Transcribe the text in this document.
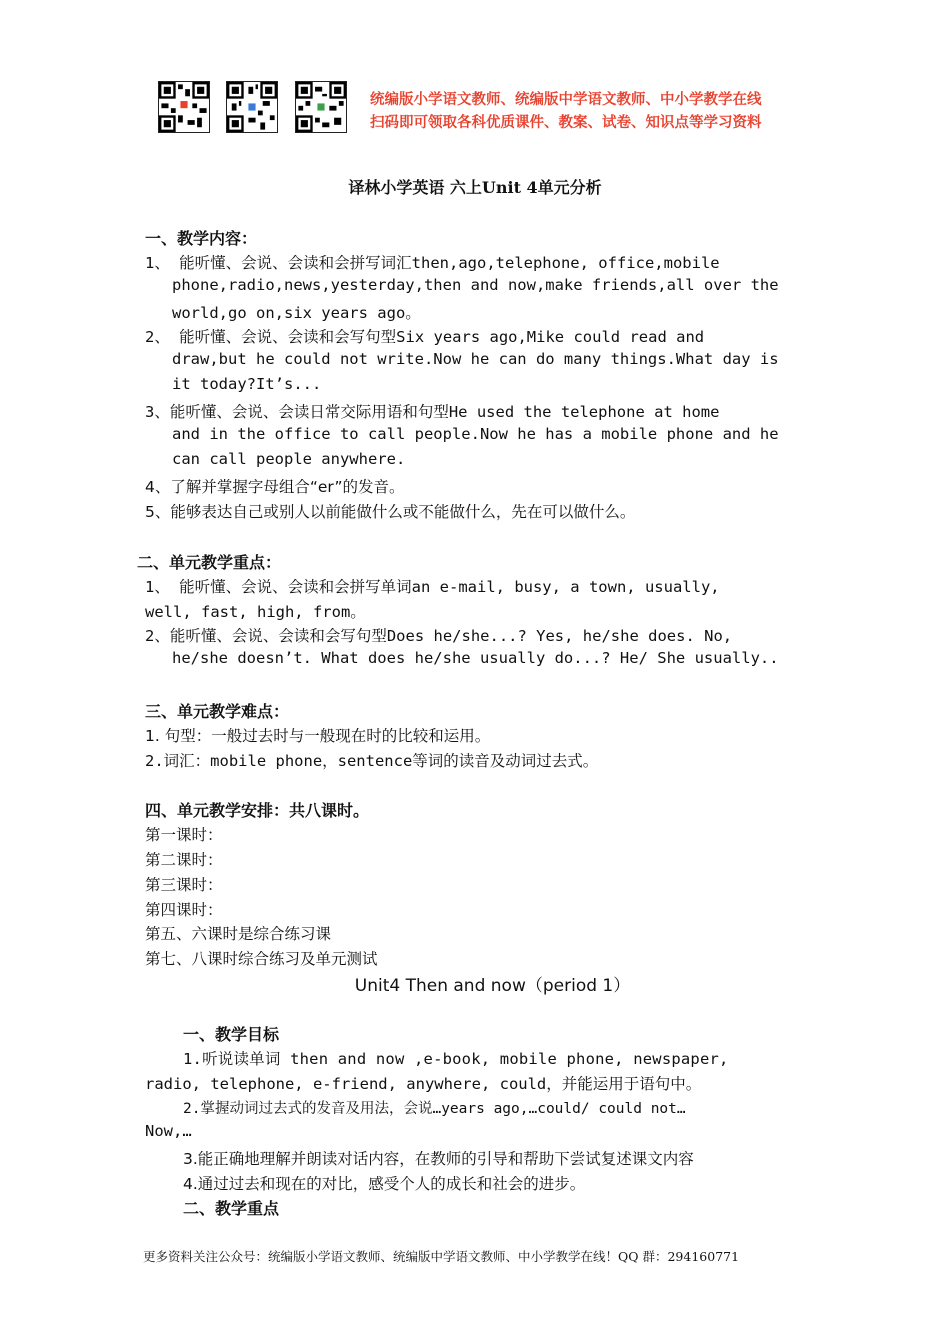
统编版小学语文教师、统编版中学语文教师、中小学教学在线
扫码即可领取各科优质课件、教案、试卷、知识点等学习资料
译林小学英语 六上Unit 4单元分析
一、教学内容：
1、 能听懂、会说、会读和会拼写词汇then,ago,telephone, office,mobile
phone,radio,news,yesterday,then and now,make friends,all over the
world,go on,six years ago。
2、 能听懂、会说、会读和会写句型Six years ago,Mike could read and
draw,but he could not write.Now he can do many things.What day is
it today?It’s...
3、能听懂、会说、会读日常交际用语和句型He used the telephone at home
and in the office to call people.Now he has a mobile phone and he
can call people anywhere.
4、了解并掌握字母组合“er”的发音。
5、能够表达自己或别人以前能做什么或不能做什么，先在可以做什么。
二、单元教学重点：
1、 能听懂、会说、会读和会拼写单词an e-mail, busy, a town, usually,
well, fast, high, from。
2、能听懂、会说、会读和会写句型Does he/she...? Yes, he/she does. No,
he/she doesn’t. What does he/she usually do...? He/ She usually..
三、单元教学难点：
1. 句型：一般过去时与一般现在时的比较和运用。
2.词汇：mobile phone，sentence等词的读音及动词过去式。
四、单元教学安排：共八课时。
第一课时：
第二课时：
第三课时：
第四课时：
第五、六课时是综合练习课
第七、八课时综合练习及单元测试
Unit4 Then and now（period 1）
一、教学目标
1.听说读单词 then and now ,e-book, mobile phone, newspaper,
radio, telephone, e-friend, anywhere, could，并能运用于语句中。
2.掌握动词过去式的发音及用法，会说…years ago,…could/ could not…
Now,…
3.能正确地理解并朗读对话内容，在教师的引导和帮助下尝试复述课文内容
4.通过过去和现在的对比，感受个人的成长和社会的进步。
二、教学重点
更多资料关注公众号：统编版小学语文教师、统编版中学语文教师、中小学教学在线！QQ 群：294160771
